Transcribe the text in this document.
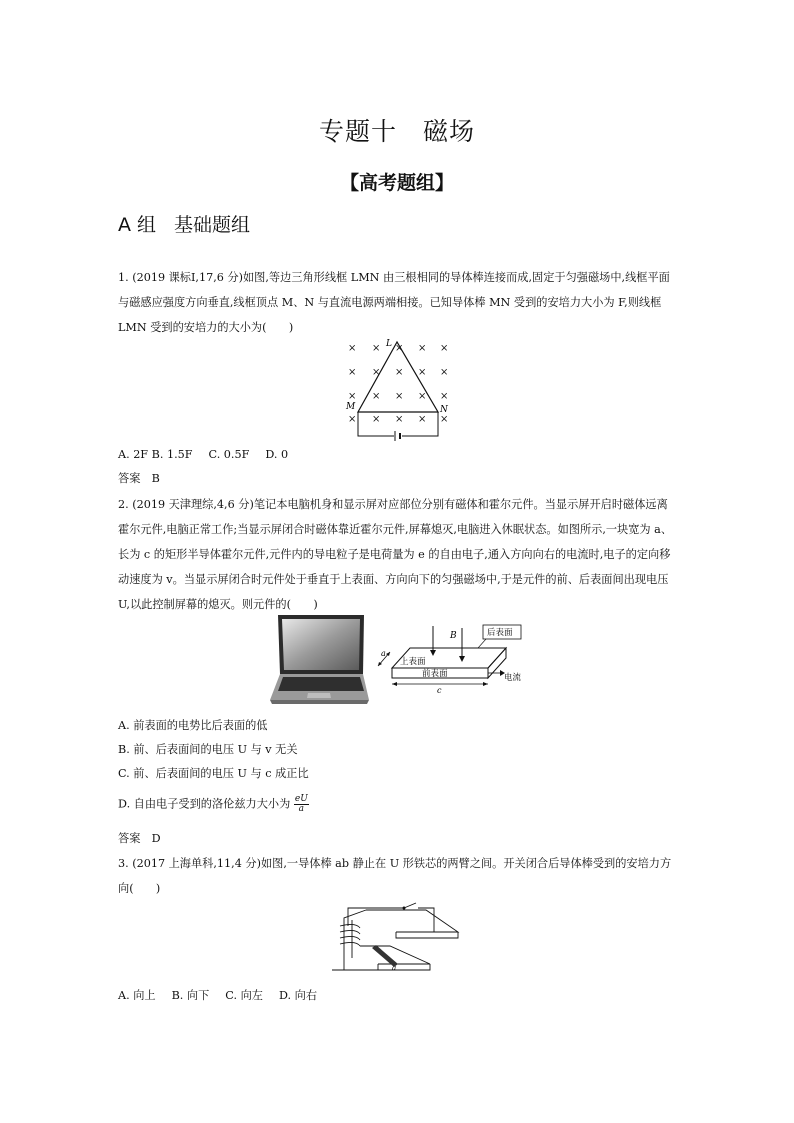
专题十 磁场
【高考题组】
A 组 基础题组
1. (2019 课标Ⅰ,17,6 分)如图,等边三角形线框 LMN 由三根相同的导体棒连接而成,固定于匀强磁场中,线框平面与磁感应强度方向垂直,线框顶点 M、N 与直流电源两端相接。已知导体棒 MN 受到的安培力大小为 F,则线框 LMN 受到的安培力的大小为(　　)
× × × × ×
× × × × ×
× × × × ×
× × × × ×
L
M	N
A. 2F B. 1.5F C. 0.5F D. 0
答案　B
2. (2019 天津理综,4,6 分)笔记本电脑机身和显示屏对应部位分别有磁体和霍尔元件。当显示屏开启时磁体远离霍尔元件,电脑正常工作;当显示屏闭合时磁体靠近霍尔元件,屏幕熄灭,电脑进入休眠状态。如图所示,一块宽为 a、长为 c 的矩形半导体霍尔元件,元件内的导电粒子是电荷量为 e 的自由电子,通入方向向右的电流时,电子的定向移动速度为 v。当显示屏闭合时元件处于垂直于上表面、方向向下的匀强磁场中,于是元件的前、后表面间出现电压 U,以此控制屏幕的熄灭。则元件的(　　)
B	后表面
上表面
前表面
a
c
电流
A. 前表面的电势比后表面的低
B. 前、后表面间的电压 U 与 v 无关
C. 前、后表面间的电压 U 与 c 成正比
D. 自由电子受到的洛伦兹力大小为 $\frac{eU}{a}$
答案　D
3. (2017 上海单科,11,4 分)如图,一导体棒 ab 静止在 U 形铁芯的两臂之间。开关闭合后导体棒受到的安培力方向(　　)
b
a
A. 向上 B. 向下 C. 向左 D. 向右
